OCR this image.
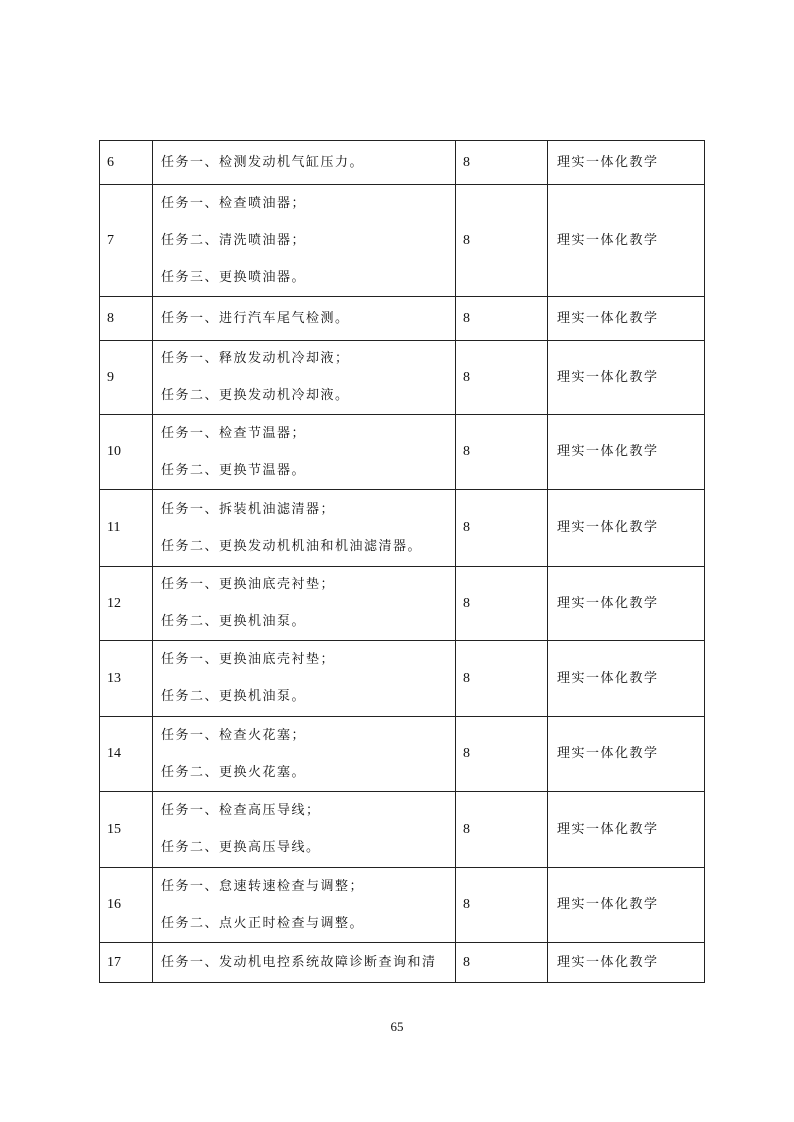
6	任务一、检测发动机气缸压力。	8	理实一体化教学
7	任务一、检查喷油器；
任务二、清洗喷油器；
任务三、更换喷油器。	8	理实一体化教学
8	任务一、进行汽车尾气检测。	8	理实一体化教学
9	任务一、释放发动机冷却液；
任务二、更换发动机冷却液。	8	理实一体化教学
10	任务一、检查节温器；
任务二、更换节温器。	8	理实一体化教学
11	任务一、拆装机油滤清器；
任务二、更换发动机机油和机油滤清器。	8	理实一体化教学
12	任务一、更换油底壳衬垫；
任务二、更换机油泵。	8	理实一体化教学
13	任务一、更换油底壳衬垫；
任务二、更换机油泵。	8	理实一体化教学
14	任务一、检查火花塞；
任务二、更换火花塞。	8	理实一体化教学
15	任务一、检查高压导线；
任务二、更换高压导线。	8	理实一体化教学
16	任务一、怠速转速检查与调整；
任务二、点火正时检查与调整。	8	理实一体化教学
17	任务一、发动机电控系统故障诊断查询和清	8	理实一体化教学
65
